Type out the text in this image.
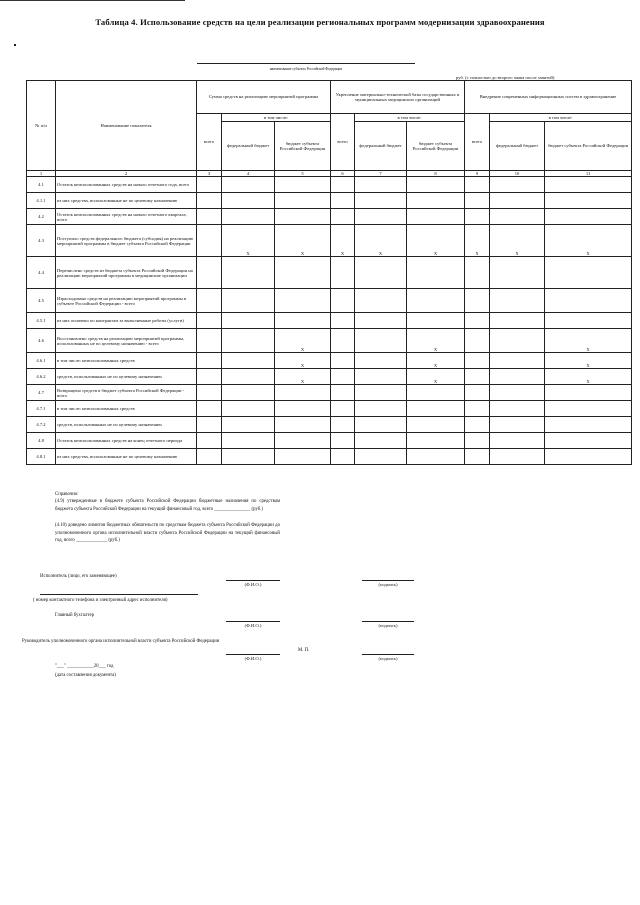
Таблица 4. Использование средств на цели реализации региональных программ модернизации здравоохранения
наименование субъекта Российской Федерации
руб. (с точностью до второго знака после запятой)
№ п/п	Наименование показателя	Сумма средств на реализацию мероприятий программы			Укрепление материально-технической базы государственных и муниципальных медицинских организаций			Внедрение современных информационных систем в здравоохранение		
		всего	в том числе:		всего	в том числе:		всего	в том числе:	
			федеральный бюджет	бюджет субъекта Российской Федерации		федеральный бюджет	бюджет субъекта Российской Федерации		федеральный бюджет	бюджет субъекта Российской Федерации
1	2	3	4	5	6	7	8	9	10	11
4.1	Остаток неиспользованных средств на начало отчетного года, всего									
4.1.1	из них средства, использованные не по целевому назначению									
4.2	Остаток неиспользованных средств на начало отчетного квартала, всего									
4.3	Поступило средств федерального бюджета (субсидия) на реализацию мероприятий программы в бюджет субъекта Российской Федерации		X	X	X	X	X	X	X	X
4.4	Перечислено средств из бюджета субъекта Российской Федерации на реализацию мероприятий программы в медицинские организации									
4.5	Израсходовано средств на реализацию мероприятий программы в субъекте Российской Федерации - всего									
4.5.1	из них оплачено по контрактам за выполненные работы (услуги)									
4.6	Восстановлено средств на реализацию мероприятий программы, использованных не по целевому назначению - всего			X			X			X
4.6.1	в том числе: неиспользованных средств			X			X			X
4.6.2	средств, использованных не по целевому назначению			X			X			X
4.7	Возвращено средств в бюджет субъекта Российской Федерации - всего									
4.7.1	в том числе: неиспользованных средств									
4.7.2	средств, использованных не по целевому назначению									
4.8	Остаток неиспользованных средств на конец отчетного периода									
4.8.1	из них средства, использованные не по целевому назначению									

Справочно:

(4.9) утвержденные в бюджете субъекта Российской Федерации бюджетные назначения по средствам бюджета субъекта Российской Федерации на текущий финансовый год, всего _______________ (руб.)

(4.10) доведено лимитов бюджетных обязательств по средствам бюджета субъекта Российской Федерации до уполномоченного органа исполнительной власти субъекта Российской Федерации на текущий финансовый год, всего _____________ (руб.)

Исполнитель (лицо, его заменяющее)
(Ф.И.О.)	(подпись)
( номер контактного телефона и электронный адрес исполнителя)
Главный бухгалтер
(Ф.И.О.)	(подпись)
Руководитель уполномоченного органа исполнительной власти субъекта Российской Федерации
(Ф.И.О.)
М. П.
(подпись)
"___" ___________20___ год
(дата составления документа)
